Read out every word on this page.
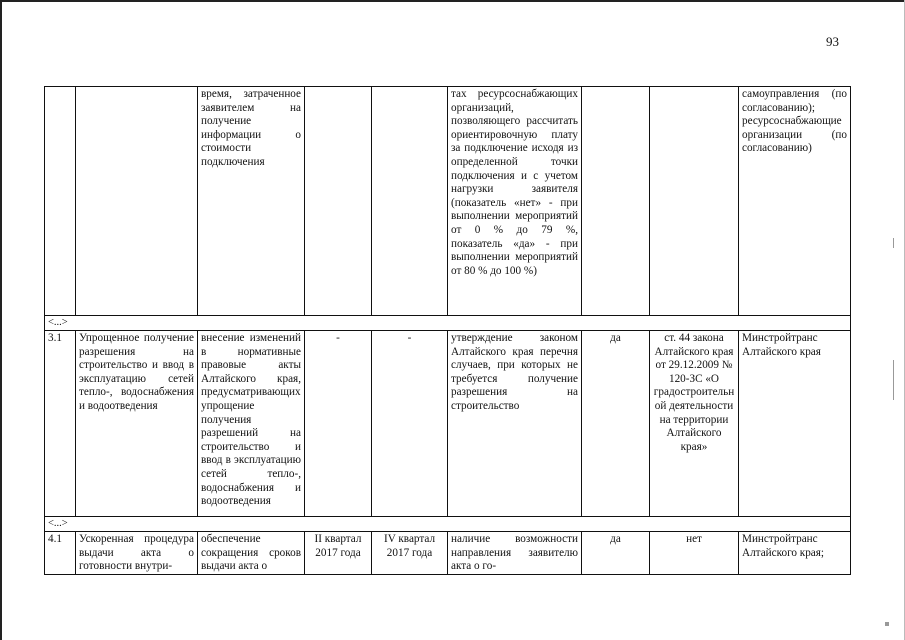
93
		время, затраченное заявителем на получение информации о стоимости подключения			тах ресурсоснабжающих организаций, позволяющего рассчитать ориентировочную плату за подключение исходя из определенной точки подключения и с учетом нагрузки заявителя (показатель «нет» - при выполнении мероприятий от 0 % до 79 %, показатель «да» - при выполнении мероприятий от 80 % до 100 %)			самоуправления (по согласованию); ресурсоснабжающие организации (по согласованию)
<...>								
3.1	Упрощенное получение разрешения на строительство и ввод в эксплуатацию сетей тепло-, водоснабжения и водоотведения	внесение изменений в нормативные правовые акты Алтайского края, предусматривающих упрощение получения разрешений на строительство и ввод в эксплуатацию сетей тепло-, водоснабжения и водоотведения	-	-	утверждение законом Алтайского края перечня случаев, при которых не требуется получение разрешения на строительство	да	ст. 44 закона Алтайского края от 29.12.2009 № 120-ЗС «О градостроительной деятельности на территории Алтайского края»	Минстройтранс Алтайского края
<...>								
4.1	Ускоренная процедура выдачи акта о готовности внутри-	обеспечение сокращения сроков выдачи акта о	II квартал 2017 года	IV квартал 2017 года	наличие возможности направления заявителю акта о го-	да	нет	Минстройтранс Алтайского края;
